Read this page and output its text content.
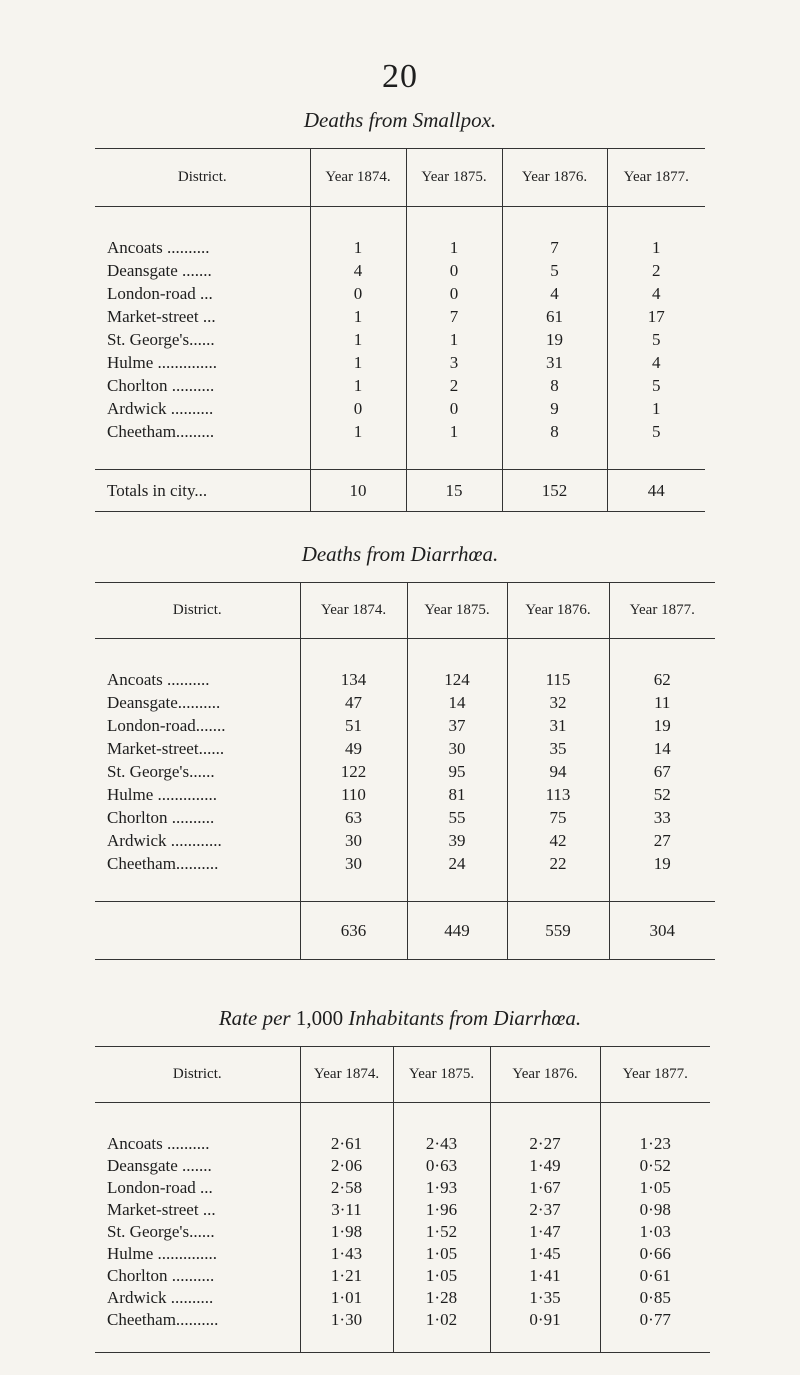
20
Deaths from Smallpox.
District.	Year 1874.	Year 1875.	Year 1876.	Year 1877.

Ancoats ..........	1	1	7	1
Deansgate .......	4	0	5	2
London-road ...	0	0	4	4
Market-street ...	1	7	61	17
St. George's......	1	1	19	5
Hulme ..............	1	3	31	4
Chorlton ..........	1	2	8	5
Ardwick ..........	0	0	9	1
Cheetham.........	1	1	8	5

Totals in city...	10	15	152	44
Deaths from Diarrhœa.
District.	Year 1874.	Year 1875.	Year 1876.	Year 1877.

Ancoats ..........	134	124	115	62
Deansgate..........	47	14	32	11
London-road.......	51	37	31	19
Market-street......	49	30	35	14
St. George's......	122	95	94	67
Hulme ..............	110	81	113	52
Chorlton ..........	63	55	75	33
Ardwick ............	30	39	42	27
Cheetham..........	30	24	22	19

	636	449	559	304
Rate per 1,000 Inhabitants from Diarrhœa.
District.	Year 1874.	Year 1875.	Year 1876.	Year 1877.

Ancoats ..........	2·61	2·43	2·27	1·23
Deansgate .......	2·06	0·63	1·49	0·52
London-road ...	2·58	1·93	1·67	1·05
Market-street ...	3·11	1·96	2·37	0·98
St. George's......	1·98	1·52	1·47	1·03
Hulme ..............	1·43	1·05	1·45	0·66
Chorlton ..........	1·21	1·05	1·41	0·61
Ardwick ..........	1·01	1·28	1·35	0·85
Cheetham..........	1·30	1·02	0·91	0·77
